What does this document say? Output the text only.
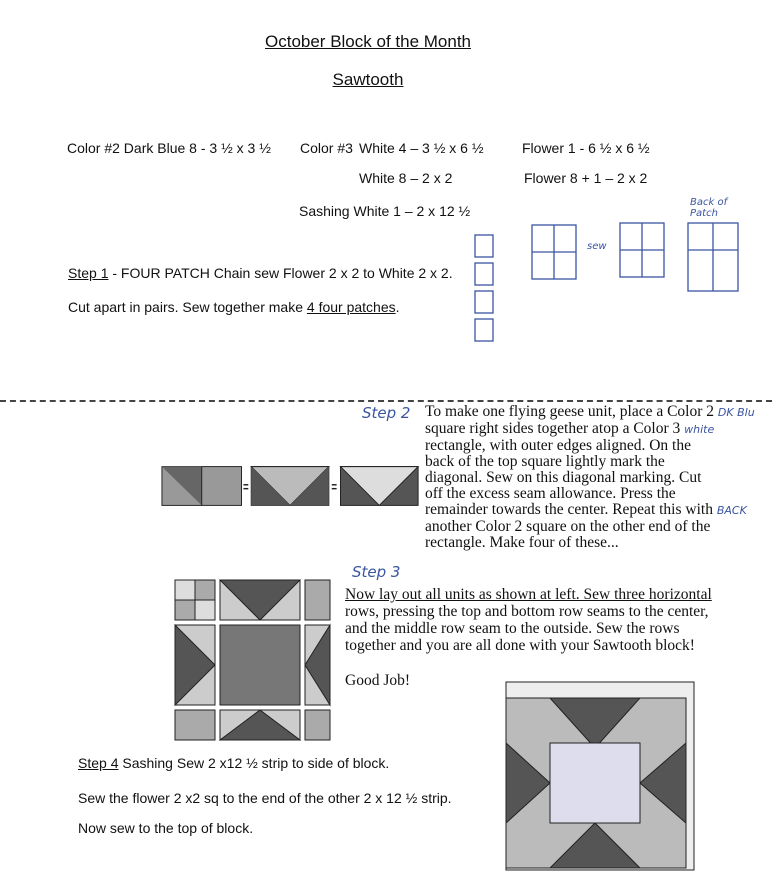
October Block of the Month
Sawtooth
Color #2 Dark Blue 8 - 3 ½ x 3 ½ Color #3 White 4 – 3 ½ x 6 ½
White 8 – 2 x 2
Sashing White 1 – 2 x 12 ½
Flower 1 - 6 ½ x 6 ½
Flower 8 + 1 – 2 x 2
Step 1 - FOUR PATCH Chain sew Flower 2 x 2 to White 2 x 2.
Cut apart in pairs. Sew together make 4 four patches.
sew
Back of Patch
Step 2 To make one flying geese unit, place a Color 2 DK Blu
square right sides together atop a Color 3 white
rectangle, with outer edges aligned. On the
back of the top square lightly mark the
diagonal. Sew on this diagonal marking. Cut
off the excess seam allowance. Press the
remainder towards the center. Repeat this with BACK
another Color 2 square on the other end of the
rectangle. Make four of these...
Step 3
Now lay out all units as shown at left. Sew three horizontal
rows, pressing the top and bottom row seams to the center,
and the middle row seam to the outside. Sew the rows
together and you are all done with your Sawtooth block!
Good Job!
Step 4 Sashing Sew 2 x12 ½ strip to side of block.
Sew the flower 2 x2 sq to the end of the other 2 x 12 ½ strip.
Now sew to the top of block.
